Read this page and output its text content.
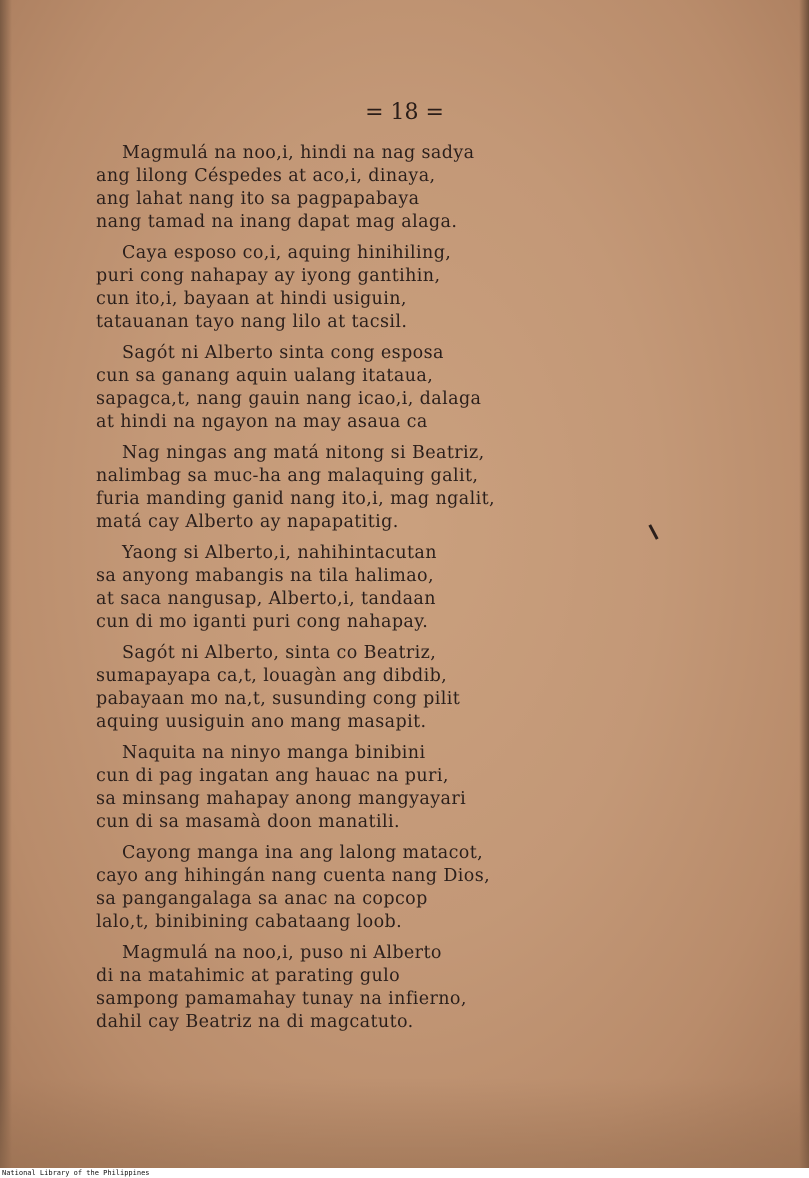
= 18 =
Magmulá na noo,i, hindi na nag sadya
ang lilong Céspedes at aco,i, dinaya,
ang lahat nang ito sa pagpapabaya
nang tamad na inang dapat mag alaga.
Caya esposo co,i, aquing hinihiling,
puri cong nahapay ay iyong gantihin,
cun ito,i, bayaan at hindi usiguin,
tatauanan tayo nang lilo at tacsil.
Sagót ni Alberto sinta cong esposa
cun sa ganang aquin ualang itataua,
sapagca,t, nang gauin nang icao,i, dalaga
at hindi na ngayon na may asaua ca
Nag ningas ang matá nitong si Beatriz,
nalimbag sa muc-ha ang malaquing galit,
furia manding ganid nang ito,i, mag ngalit,
matá cay Alberto ay napapatitig.
Yaong si Alberto,i, nahihintacutan
sa anyong mabangis na tila halimao,
at saca nangusap, Alberto,i, tandaan
cun di mo iganti puri cong nahapay.
Sagót ni Alberto, sinta co Beatriz,
sumapayapa ca,t, louagàn ang dibdib,
pabayaan mo na,t, susunding cong pilit
aquing uusiguin ano mang masapit.
Naquita na ninyo manga binibini
cun di pag ingatan ang hauac na puri,
sa minsang mahapay anong mangyayari
cun di sa masamà doon manatili.
Cayong manga ina ang lalong matacot,
cayo ang hihingán nang cuenta nang Dios,
sa pangangalaga sa anac na copcop
lalo,t, binibining cabataang loob.
Magmulá na noo,i, puso ni Alberto
di na matahimic at parating gulo
sampong pamamahay tunay na infierno,
dahil cay Beatriz na di magcatuto.
National Library of the Philippines
